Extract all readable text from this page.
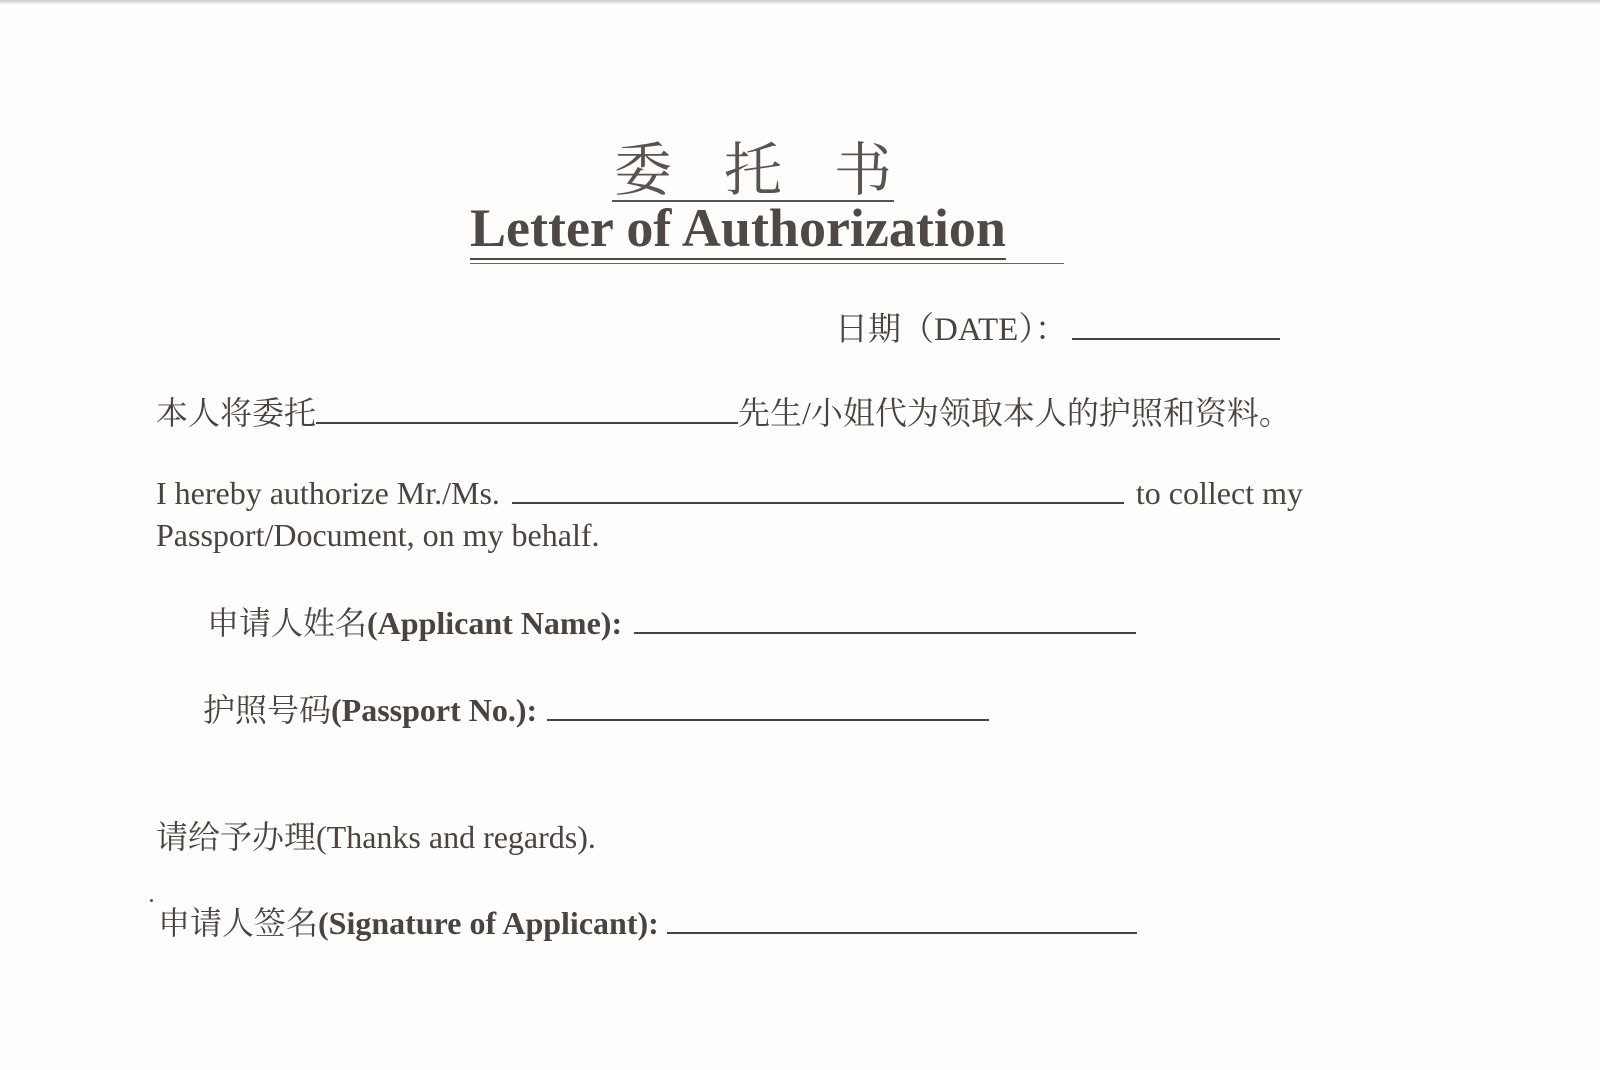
委 托 书
Letter of Authorization
日期（DATE）：
本人将委托	先生/小姐代为领取本人的护照和资料。
I hereby authorize Mr./Ms.	to collect my
Passport/Document, on my behalf.
申请人姓名(Applicant Name):
护照号码(Passport No.):
请给予办理(Thanks and regards).
申请人签名(Signature of Applicant):
